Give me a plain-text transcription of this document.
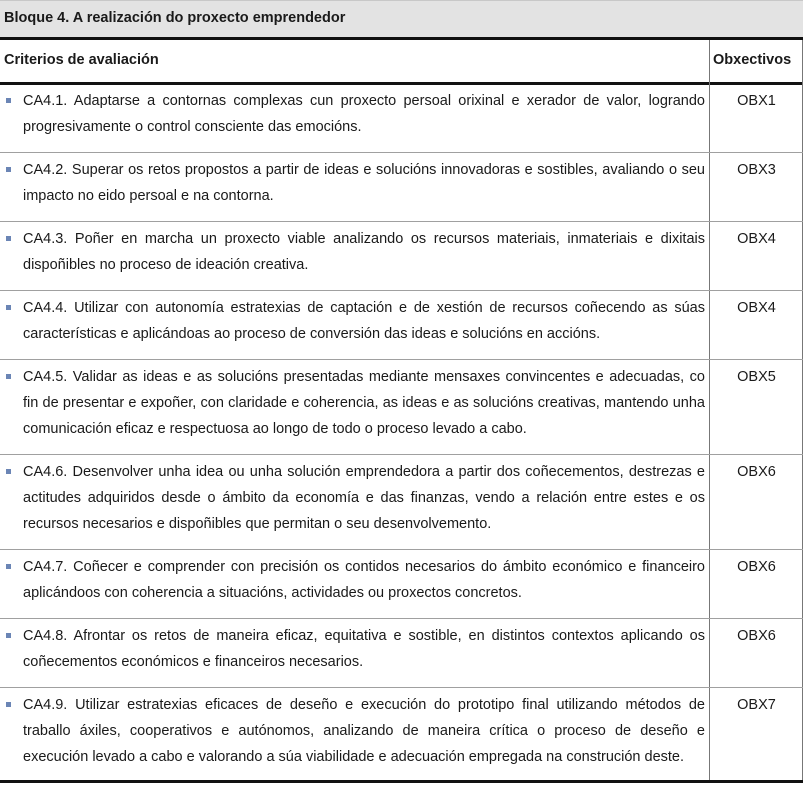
Bloque 4. A realización do proxecto emprendedor
Criterios de avaliación	Obxectivos
CA4.1. Adaptarse a contornas complexas cun proxecto persoal orixinal e xerador de valor, logrando progresivamente o control consciente das emocións.
OBX1
CA4.2. Superar os retos propostos a partir de ideas e solucións innovadoras e sostibles, avaliando o seu impacto no eido persoal e na contorna.
OBX3
CA4.3. Poñer en marcha un proxecto viable analizando os recursos materiais, inmateriais e dixitais dispoñibles no proceso de ideación creativa.
OBX4
CA4.4. Utilizar con autonomía estratexias de captación e de xestión de recursos coñecendo as súas características e aplicándoas ao proceso de conversión das ideas e solucións en accións.
OBX4
CA4.5. Validar as ideas e as solucións presentadas mediante mensaxes convincentes e adecuadas, co fin de presentar e expoñer, con claridade e coherencia, as ideas e as solucións creativas, mantendo unha comunicación eficaz e respectuosa ao longo de todo o proceso levado a cabo.
OBX5
CA4.6. Desenvolver unha idea ou unha solución emprendedora a partir dos coñecementos, destrezas e actitudes adquiridos desde o ámbito da economía e das finanzas, vendo a relación entre estes e os recursos necesarios e dispoñibles que permitan o seu desenvolvemento.
OBX6
CA4.7. Coñecer e comprender con precisión os contidos necesarios do ámbito económico e financeiro aplicándoos con coherencia a situacións, actividades ou proxectos concretos.
OBX6
CA4.8. Afrontar os retos de maneira eficaz, equitativa e sostible, en distintos contextos aplicando os coñecementos económicos e financeiros necesarios.
OBX6
CA4.9. Utilizar estratexias eficaces de deseño e execución do prototipo final utilizando métodos de traballo áxiles, cooperativos e autónomos, analizando de maneira crítica o proceso de deseño e execución levado a cabo e valorando a súa viabilidade e adecuación empregada na construción deste.
OBX7
